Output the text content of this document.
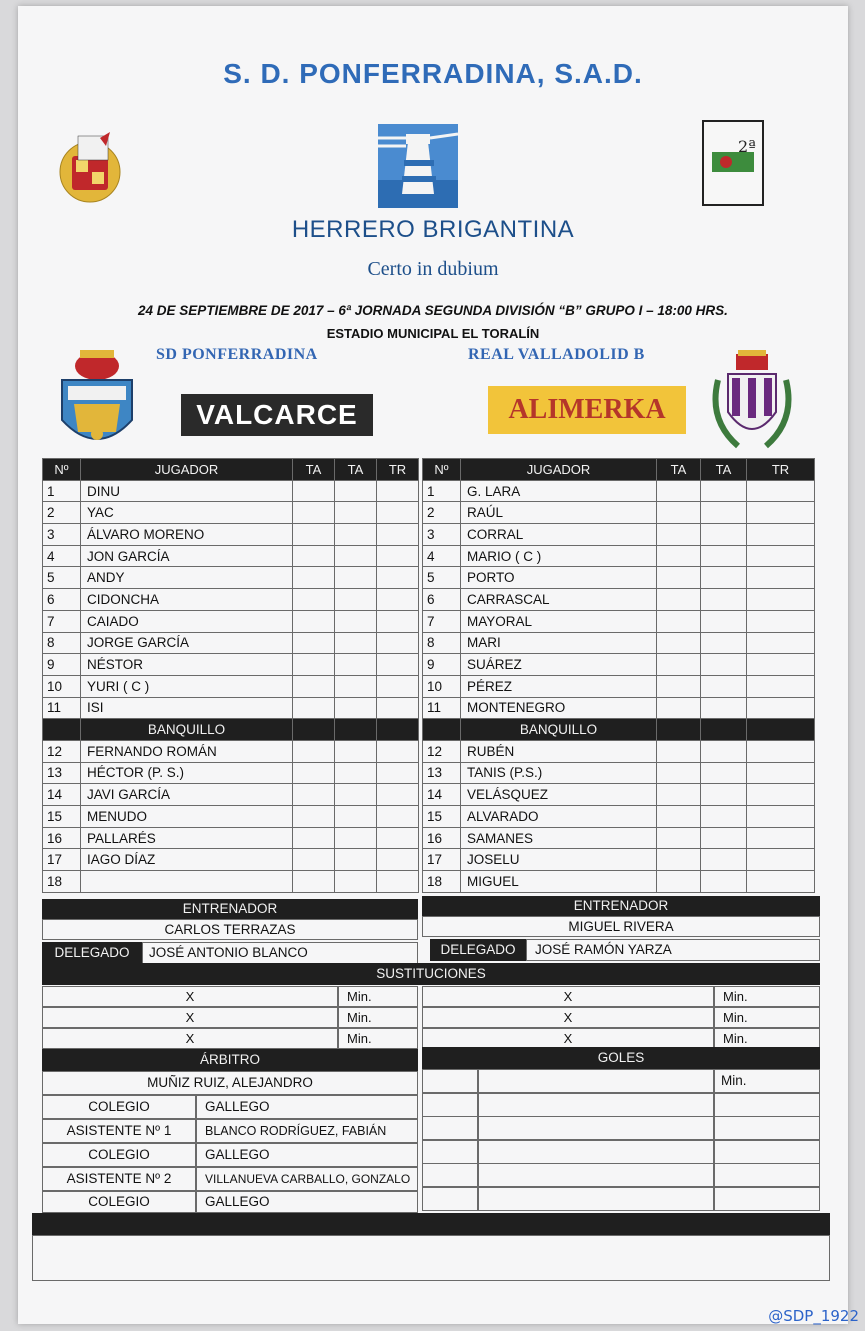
S. D. PONFERRADINA, S.A.D.
2ª
HERRERO BRIGANTINA
Certo in dubium
24 DE SEPTIEMBRE DE 2017 – 6ª JORNADA SEGUNDA DIVISIÓN “B” GRUPO I – 18:00 HRS.
ESTADIO MUNICIPAL EL TORALÍN
SD PONFERRADINA	REAL VALLADOLID B
VALCARCE	ALIMERKA
Nº	JUGADOR	TA	TA	TR
1	DINU			
2	YAC			
3	ÁLVARO MORENO			
4	JON GARCÍA			
5	ANDY			
6	CIDONCHA			
7	CAIADO			
8	JORGE GARCÍA			
9	NÉSTOR			
10	YURI ( C )			
11	ISI			
	BANQUILLO			
12	FERNANDO ROMÁN			
13	HÉCTOR (P. S.)			
14	JAVI GARCÍA			
15	MENUDO			
16	PALLARÉS			
17	IAGO DÍAZ			
18				
Nº	JUGADOR	TA	TA	TR
1	G. LARA			
2	RAÚL			
3	CORRAL			
4	MARIO ( C )			
5	PORTO			
6	CARRASCAL			
7	MAYORAL			
8	MARI			
9	SUÁREZ			
10	PÉREZ			
11	MONTENEGRO			
	BANQUILLO			
12	RUBÉN			
13	TANIS (P.S.)			
14	VELÁSQUEZ			
15	ALVARADO			
16	SAMANES			
17	JOSELU			
18	MIGUEL			
ENTRENADOR	ENTRENADOR
CARLOS TERRAZAS	MIGUEL RIVERA
DELEGADO	JOSÉ ANTONIO BLANCO	DELEGADO	JOSÉ RAMÓN YARZA
SUSTITUCIONES
X	Min.	X	Min.
X	Min.	X	Min.
X	Min.	X	Min.
ÁRBITRO	GOLES
MUÑIZ RUIZ, ALEJANDRO
COLEGIO	GALLEGO
ASISTENTE Nº 1	BLANCO RODRÍGUEZ, FABIÁN
COLEGIO	GALLEGO
ASISTENTE Nº 2	VILLANUEVA CARBALLO, GONZALO
COLEGIO	GALLEGO
Min.
@SDP_1922
